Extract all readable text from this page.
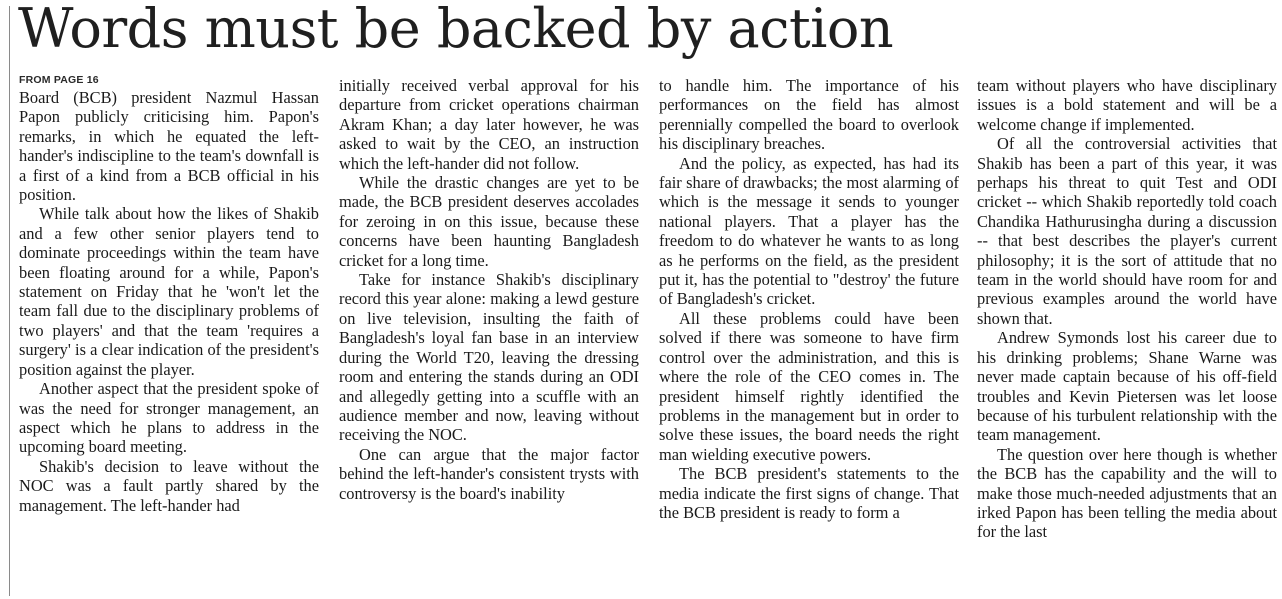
Words must be backed by action
FROM PAGE 16

Board (BCB) president Nazmul Hassan Papon publicly criticising him. Papon's remarks, in which he equated the left-hander's indiscipline to the team's downfall is a first of a kind from a BCB official in his position.

While talk about how the likes of Shakib and a few other senior players tend to dominate proceedings within the team have been floating around for a while, Papon's statement on Friday that he 'won't let the team fall due to the disciplinary problems of two players' and that the team 'requires a surgery' is a clear indication of the president's position against the player.

Another aspect that the president spoke of was the need for stronger management, an aspect which he plans to address in the upcoming board meeting.

Shakib's decision to leave without the NOC was a fault partly shared by the management. The left-hander had

initially received verbal approval for his departure from cricket operations chairman Akram Khan; a day later however, he was asked to wait by the CEO, an instruction which the left-hander did not follow.

While the drastic changes are yet to be made, the BCB president deserves accolades for zeroing in on this issue, because these concerns have been haunting Bangladesh cricket for a long time.

Take for instance Shakib's disciplinary record this year alone: making a lewd gesture on live television, insulting the faith of Bangladesh's loyal fan base in an interview during the World T20, leaving the dressing room and entering the stands during an ODI and allegedly getting into a scuffle with an audience member and now, leaving without receiving the NOC.

One can argue that the major factor behind the left-hander's consistent trysts with controversy is the board's inability

to handle him. The importance of his performances on the field has almost perennially compelled the board to overlook his disciplinary breaches.

And the policy, as expected, has had its fair share of drawbacks; the most alarming of which is the message it sends to younger national players. That a player has the freedom to do whatever he wants to as long as he performs on the field, as the president put it, has the potential to "destroy' the future of Bangladesh's cricket.

All these problems could have been solved if there was someone to have firm control over the administration, and this is where the role of the CEO comes in. The president himself rightly identified the problems in the management but in order to solve these issues, the board needs the right man wielding executive powers.

The BCB president's statements to the media indicate the first signs of change. That the BCB president is ready to form a

team without players who have disciplinary issues is a bold statement and will be a welcome change if implemented.

Of all the controversial activities that Shakib has been a part of this year, it was perhaps his threat to quit Test and ODI cricket -- which Shakib reportedly told coach Chandika Hathurusingha during a discussion -- that best describes the player's current philosophy; it is the sort of attitude that no team in the world should have room for and previous examples around the world have shown that.

Andrew Symonds lost his career due to his drinking problems; Shane Warne was never made captain because of his off-field troubles and Kevin Pietersen was let loose because of his turbulent relationship with the team management.

The question over here though is whether the BCB has the capability and the will to make those much-needed adjustments that an irked Papon has been telling the media about for the last
